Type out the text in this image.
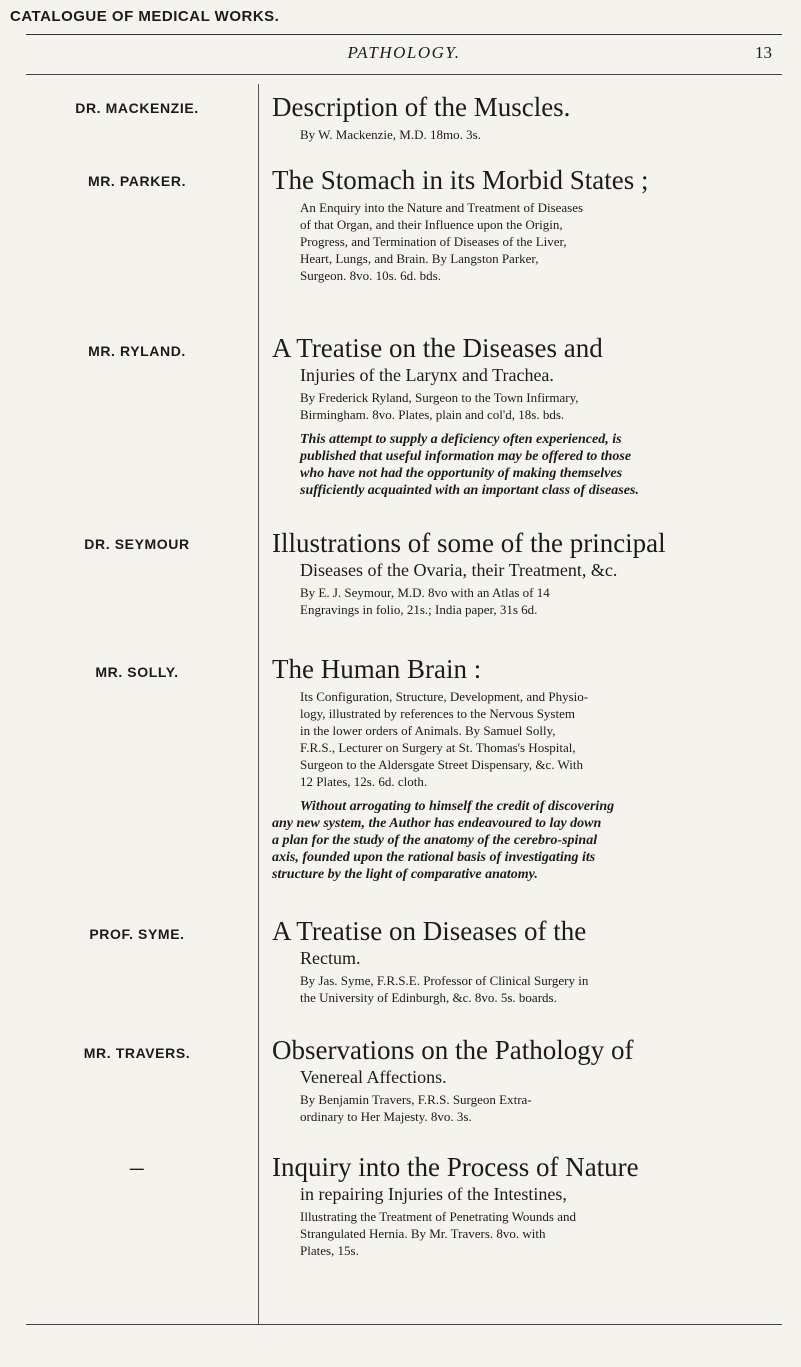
CATALOGUE OF MEDICAL WORKS.
PATHOLOGY.	13
DR. MACKENZIE.	Description of the Muscles.
By W. Mackenzie, M.D. 18mo. 3s.
MR. PARKER.	The Stomach in its Morbid States ;
An Enquiry into the Nature and Treatment of Diseases
of that Organ, and their Influence upon the Origin,
Progress, and Termination of Diseases of the Liver,
Heart, Lungs, and Brain. By Langston Parker,
Surgeon. 8vo. 10s. 6d. bds.
MR. RYLAND.	A Treatise on the Diseases and
Injuries of the Larynx and Trachea.
By Frederick Ryland, Surgeon to the Town Infirmary,
Birmingham. 8vo. Plates, plain and col'd, 18s. bds.
This attempt to supply a deficiency often experienced, is
published that useful information may be offered to those
who have not had the opportunity of making themselves
sufficiently acquainted with an important class of diseases.
DR. SEYMOUR	Illustrations of some of the principal
Diseases of the Ovaria, their Treatment, &c.
By E. J. Seymour, M.D. 8vo with an Atlas of 14
Engravings in folio, 21s.; India paper, 31s 6d.
MR. SOLLY.	The Human Brain :
Its Configuration, Structure, Development, and Physio-
logy, illustrated by references to the Nervous System
in the lower orders of Animals. By Samuel Solly,
F.R.S., Lecturer on Surgery at St. Thomas's Hospital,
Surgeon to the Aldersgate Street Dispensary, &c. With
12 Plates, 12s. 6d. cloth.
Without arrogating to himself the credit of discovering
any new system, the Author has endeavoured to lay down
a plan for the study of the anatomy of the cerebro-spinal
axis, founded upon the rational basis of investigating its
structure by the light of comparative anatomy.
PROF. SYME.	A Treatise on Diseases of the
Rectum.
By Jas. Syme, F.R.S.E. Professor of Clinical Surgery in
the University of Edinburgh, &c. 8vo. 5s. boards.
MR. TRAVERS.	Observations on the Pathology of
Venereal Affections.
By Benjamin Travers, F.R.S. Surgeon Extra-
ordinary to Her Majesty. 8vo. 3s.
—	Inquiry into the Process of Nature
in repairing Injuries of the Intestines,
Illustrating the Treatment of Penetrating Wounds and
Strangulated Hernia. By Mr. Travers. 8vo. with
Plates, 15s.
